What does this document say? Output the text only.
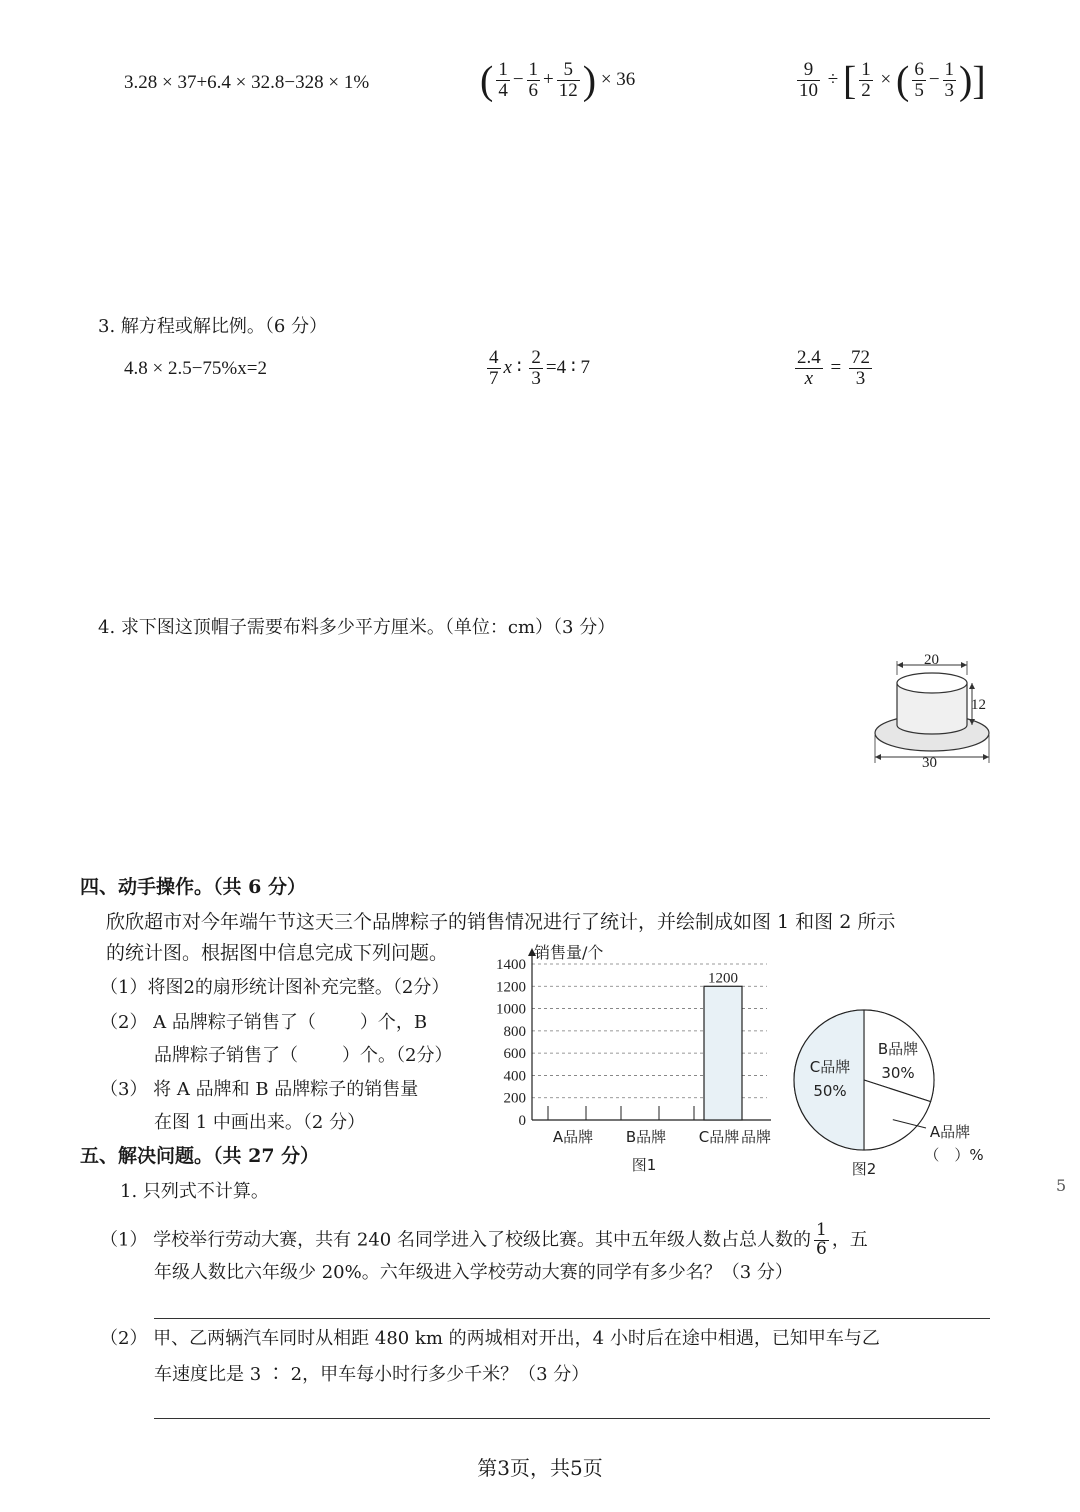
3.28 × 37+6.4 × 32.8−328 × 1%	( $\frac{1}{4} - \frac{1}{6} + \frac{5}{12}$ ) × 36	$\frac{9}{10}$ ÷ [ $\frac{1}{2}$ × ( $\frac{6}{5} - \frac{1}{3}$ )]
3. 解方程或解比例。（6 分）
4.8 × 2.5−75%x=2	$\frac{4}{7}$ x ∶ $\frac{2}{3} =4$ ∶ 7	$\frac{2.4}{x} = \frac{72}{3}$
4. 求下图这顶帽子需要布料多少平方厘米。（单位：cm）（3 分）
20
12
30
四、动手操作。（共 6 分）
欣欣超市对今年端午节这天三个品牌粽子的销售情况进行了统计，并绘制成如图 1 和图 2 所示
的统计图。根据图中信息完成下列问题。
（1）将图2的扇形统计图补充完整。（2分）
（2） A 品牌粽子销售了（ ）个，B
品牌粽子销售了（ ）个。（2分）
（3） 将 A 品牌和 B 品牌粽子的销售量
在图 1 中画出来。（2 分）	0
200
400
600
800
1000
1200
1400
销售量/个
A品牌 B品牌
1200
C品牌 品牌
图1
C品牌
50%
B品牌
30%
A品牌
（　）%
图2
五、解决问题。（共 27 分）
1. 只列式不计算。
（1） 学校举行劳动大赛，共有 240 名同学进入了校级比赛。其中五年级人数占总人数的 $\frac{1}{6}$ ，五
年级人数比六年级少 20%。六年级进入学校劳动大赛的同学有多少名？（3 分）
（2） 甲、乙两辆汽车同时从相距 480 km 的两城相对开出，4 小时后在途中相遇，已知甲车与乙
车速度比是 3 ∶ 2，甲车每小时行多少千米？（3 分）
第3页，共5页
5
